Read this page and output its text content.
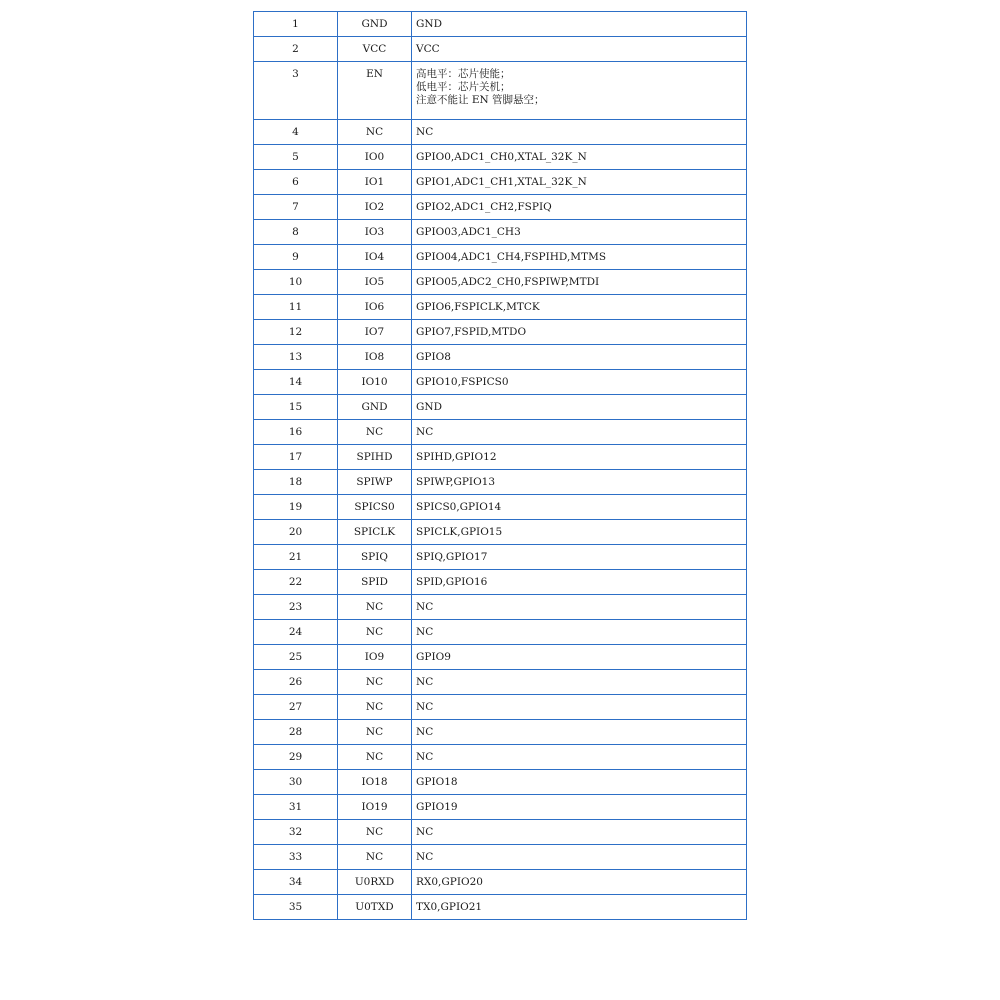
1	GND	GND
2	VCC	VCC
3	EN	高电平：芯片使能；
低电平：芯片关机；
注意不能让 EN 管脚悬空；
4	NC	NC
5	IO0	GPIO0,ADC1_CH0,XTAL_32K_N
6	IO1	GPIO1,ADC1_CH1,XTAL_32K_N
7	IO2	GPIO2,ADC1_CH2,FSPIQ
8	IO3	GPIO03,ADC1_CH3
9	IO4	GPIO04,ADC1_CH4,FSPIHD,MTMS
10	IO5	GPIO05,ADC2_CH0,FSPIWP,MTDI
11	IO6	GPIO6,FSPICLK,MTCK
12	IO7	GPIO7,FSPID,MTDO
13	IO8	GPIO8
14	IO10	GPIO10,FSPICS0
15	GND	GND
16	NC	NC
17	SPIHD	SPIHD,GPIO12
18	SPIWP	SPIWP,GPIO13
19	SPICS0	SPICS0,GPIO14
20	SPICLK	SPICLK,GPIO15
21	SPIQ	SPIQ,GPIO17
22	SPID	SPID,GPIO16
23	NC	NC
24	NC	NC
25	IO9	GPIO9
26	NC	NC
27	NC	NC
28	NC	NC
29	NC	NC
30	IO18	GPIO18
31	IO19	GPIO19
32	NC	NC
33	NC	NC
34	U0RXD	RX0,GPIO20
35	U0TXD	TX0,GPIO21
